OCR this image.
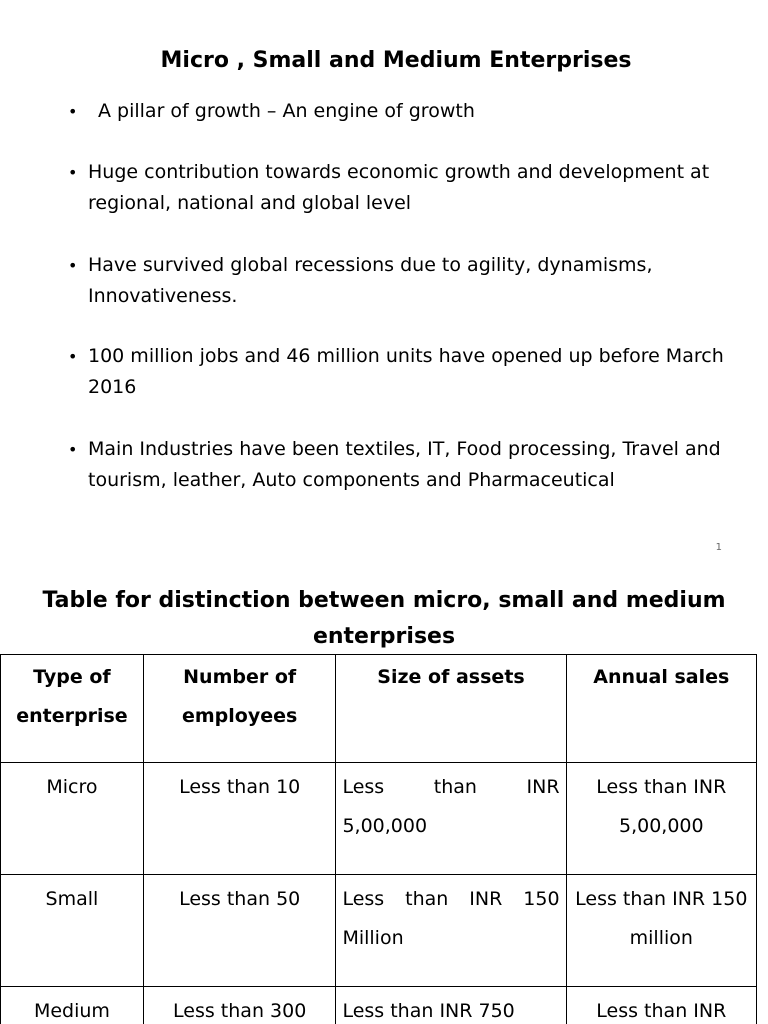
Micro , Small and Medium Enterprises
•	A pillar of growth – An engine of growth
• Huge contribution towards economic growth and development at regional, national and global level
• Have survived global recessions due to agility, dynamisms, Innovativeness.
• 100 million jobs and 46 million units have opened up before March 2016
• Main Industries have been textiles, IT, Food processing, Travel and tourism, leather, Auto components and Pharmaceutical
1
Table for distinction between micro, small and medium enterprises
Type of enterprise	Number of employees	Size of assets	Annual sales
Micro	Less than 10	Less than INR 5,00,000	Less than INR 5,00,000
Small	Less than 50	Less than INR 150 Million	Less than INR 150 million
Medium	Less than 300	Less than INR 750	Less than INR
